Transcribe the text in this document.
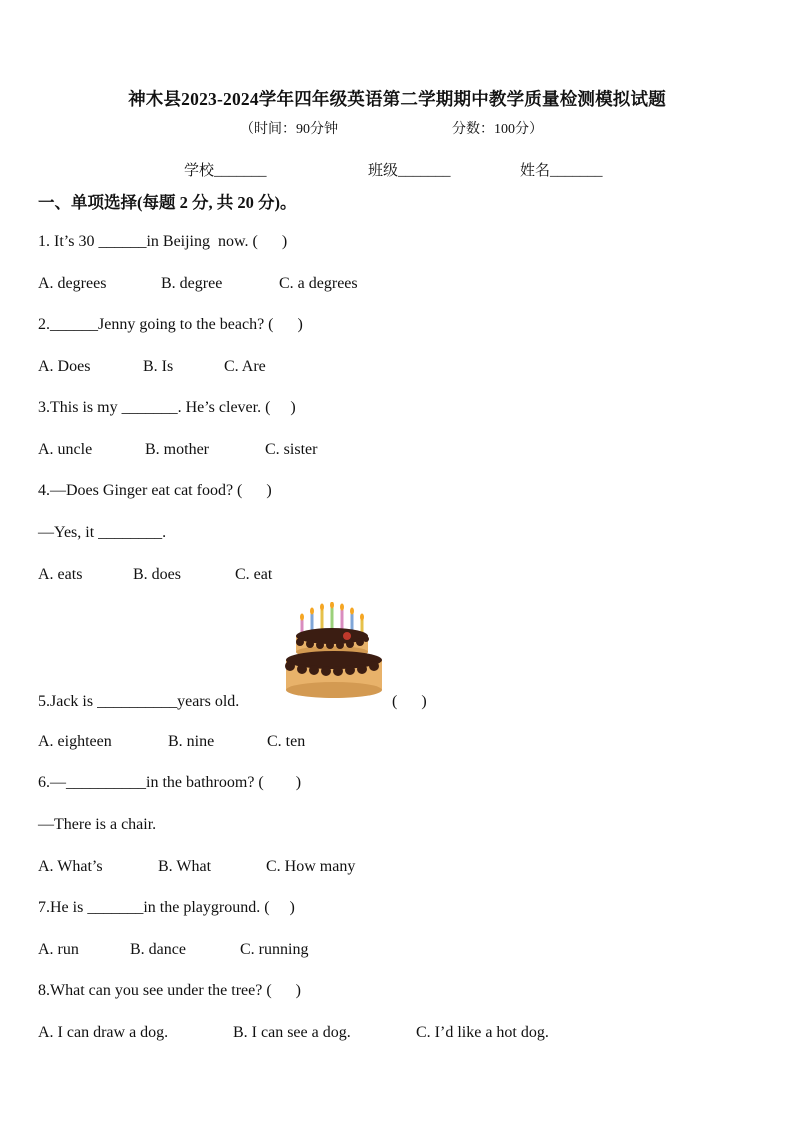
神木县2023-2024学年四年级英语第二学期期中教学质量检测模拟试题
（时间：90分钟	分数：100分）
学校_______	班级_______	姓名_______
一、单项选择(每题 2 分, 共 20 分)。
1. It’s 30 ______in Beijing  now. (      )
A. degrees	B. degree	C. a degrees
2.______Jenny going to the beach? (      )
A. Does	B. Is	C. Are
3.This is my _______. He’s clever. (     )
A. uncle	B. mother	C. sister
4.—Does Ginger eat cat food? (      )
—Yes, it ________.
A. eats	B. does	C. eat
5.Jack is __________years old.	(      )
A. eighteen	B. nine	C. ten
6.—__________in the bathroom? (        )
—There is a chair.
A. What’s	B. What	C. How many
7.He is _______in the playground. (     )
A. run	B. dance	C. running
8.What can you see under the tree? (      )
A. I can draw a dog.	B. I can see a dog.	C. I’d like a hot dog.
